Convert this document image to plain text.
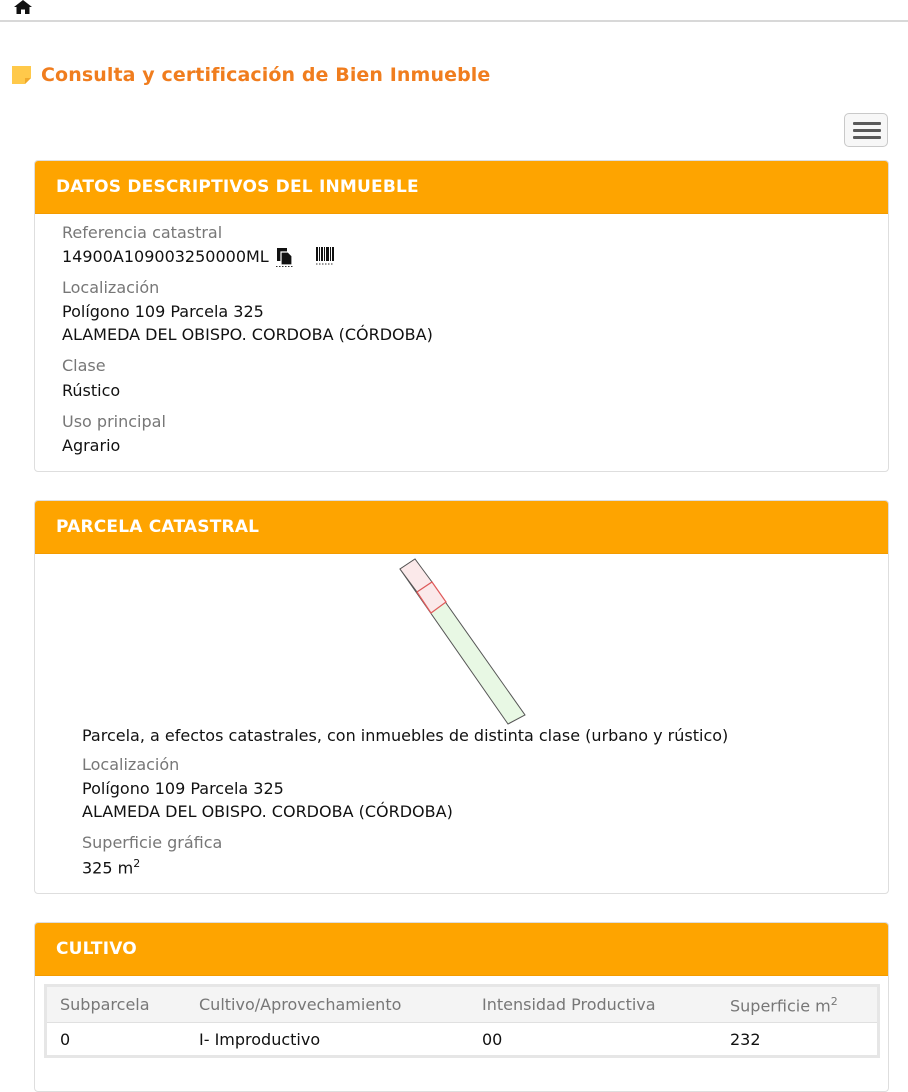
Consulta y certificación de Bien Inmueble
DATOS DESCRIPTIVOS DEL INMUEBLE
Referencia catastral
14900A109003250000ML
Localización
Polígono 109 Parcela 325
ALAMEDA DEL OBISPO. CORDOBA (CÓRDOBA)
Clase
Rústico
Uso principal
Agrario
PARCELA CATASTRAL
Parcela, a efectos catastrales, con inmuebles de distinta clase (urbano y rústico)
Localización
Polígono 109 Parcela 325
ALAMEDA DEL OBISPO. CORDOBA (CÓRDOBA)
Superficie gráfica
325 $m^2$
CULTIVO
Subparcela	Cultivo/Aprovechamiento	Intensidad Productiva	Superficie $m^2$
0	I- Improductivo	00	232
